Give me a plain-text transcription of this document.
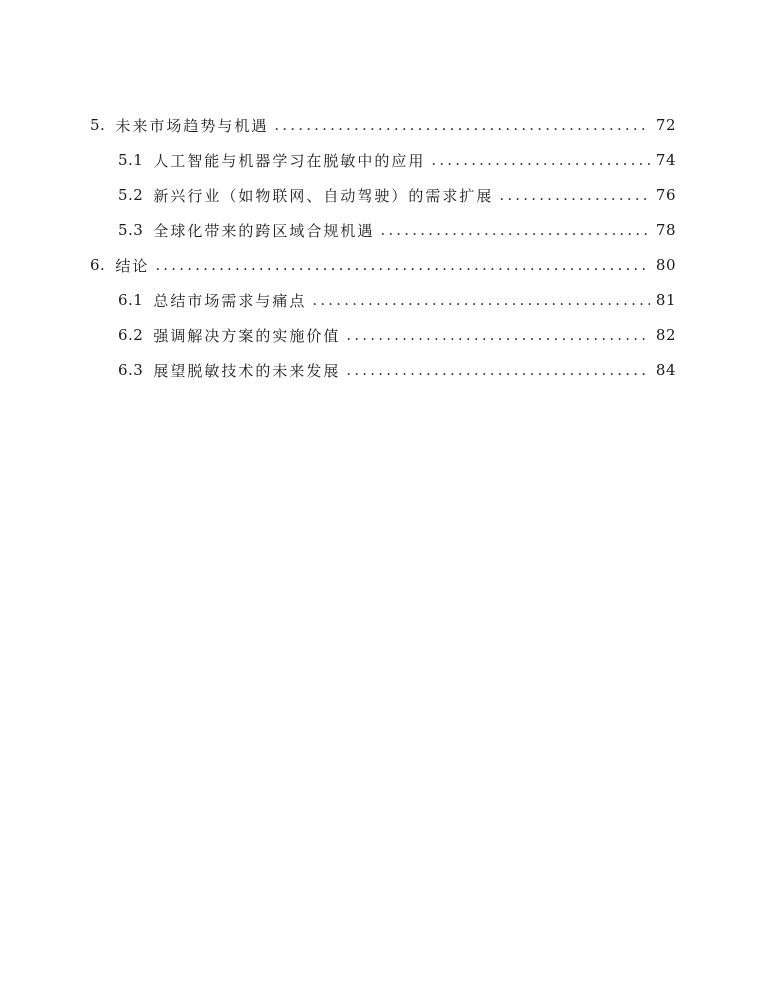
5. 未来市场趋势与机遇 .....	72
5.1 人工智能与机器学习在脱敏中的应用 .....	74
5.2 新兴行业（如物联网、自动驾驶）的需求扩展 .....	76
5.3 全球化带来的跨区域合规机遇 .....	78
6. 结论 .....	80
6.1 总结市场需求与痛点 .....	81
6.2 强调解决方案的实施价值 .....	82
6.3 展望脱敏技术的未来发展 .....	84
